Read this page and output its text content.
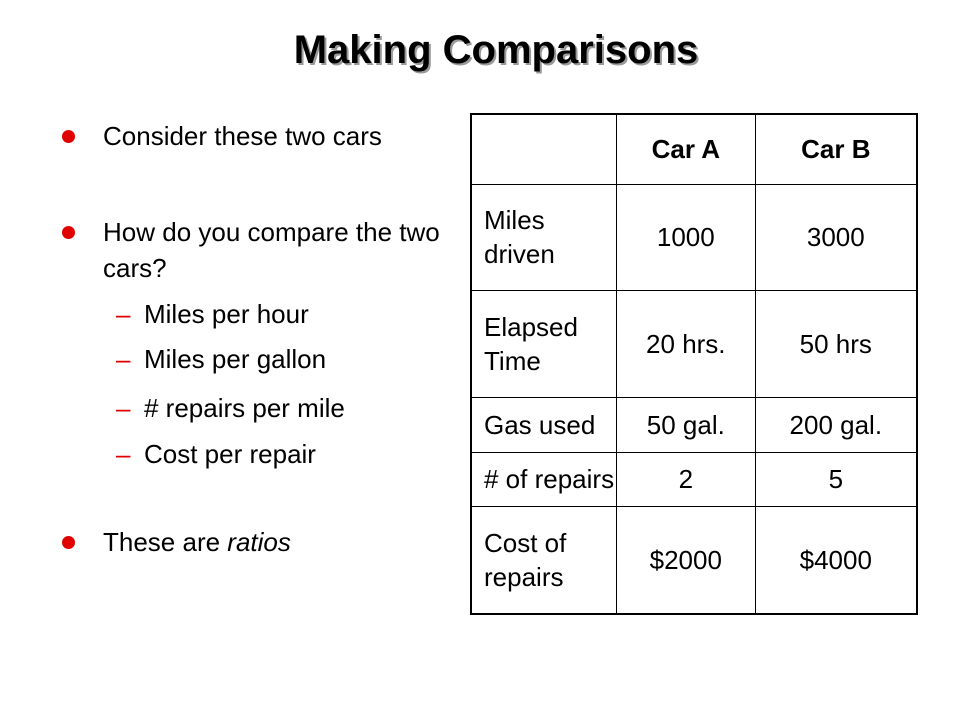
Making Comparisons
Consider these two cars
How do you compare the two cars?
– Miles per hour
– Miles per gallon
– # repairs per mile
– Cost per repair
These are ratios
	Car A	Car B
Miles driven	1000	3000
Elapsed Time	20 hrs.	50 hrs
Gas used	50 gal.	200 gal.
# of repairs	2	5
Cost of repairs	$2000	$4000
